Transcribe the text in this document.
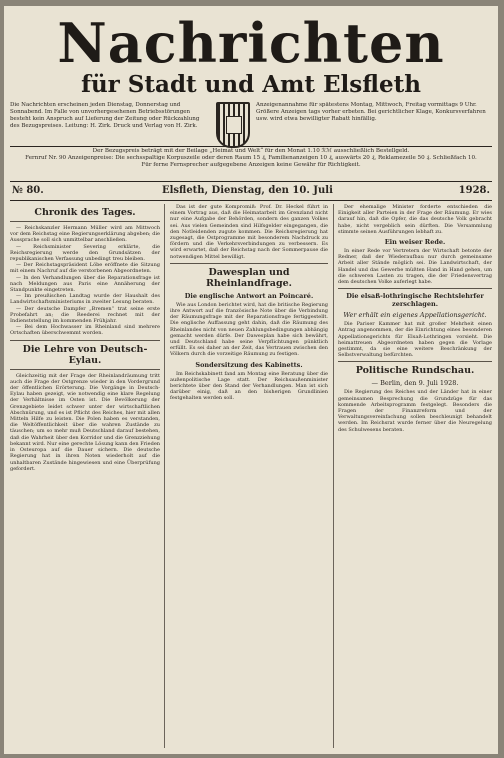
Nachrichten
für Stadt und Amt Elsfleth
Die Nachrichten erscheinen jeden Dienstag, Donnerstag und Sonnabend. Im Falle von unvorhergesehenen Betriebsstörungen besteht kein Anspruch auf Lieferung der Zeitung oder Rückzahlung des Bezugspreises. Leitung: H. Zirk. Druck und Verlag von H. Zirk.
Anzeigenannahme für spätestens Montag, Mittwoch, Freitag vormittags 9 Uhr. Größere Anzeigen tags vorher erbeten. Bei gerichtlicher Klage, Konkursverfahren usw. wird etwa bewilligter Rabatt hinfällig.
Der Bezugspreis beträgt mit der Beilage „Heimat und Welt“ für den Monat 1.10 ℛℳ ausschließlich Bestellgeld.
Fernruf Nr. 90 Anzeigenpreise: Die sechsspaltige Korpuszeile oder deren Raum 15 ₰, Familienanzeigen 10 ₰, auswärts 20 ₰, Reklamezeile 50 ₰. Schließfach 10.
Für ferne Fernsprecher aufgegebene Anzeigen keine Gewähr für Richtigkeit.
№ 80.	Elsfleth, Dienstag, den 10. Juli	1928.
Chronik des Tages.

— Reichskanzler Hermann Müller wird am Mittwoch vor dem Reichstag eine Regierungserklärung abgeben; die Aussprache soll sich unmittelbar anschließen.

— Reichsminister Severing erklärte, die Reichsregierung werde den Grundsätzen der republikanischen Verfassung unbedingt treu bleiben.

— Der Reichstagspräsident Löbe eröffnete die Sitzung mit einem Nachruf auf die verstorbenen Abgeordneten.

— In den Verhandlungen über die Reparationsfrage ist nach Meldungen aus Paris eine Annäherung der Standpunkte eingetreten.

— Im preußischen Landtag wurde der Haushalt des Landwirtschaftsministeriums in zweiter Lesung beraten.

— Der deutsche Dampfer „Bremen“ trat seine erste Probefahrt an; die Reederei rechnet mit der Indienststellung im kommenden Frühjahr.

— Bei dem Hochwasser im Rheinland sind mehrere Ortschaften überschwemmt worden.

Die Lehre von Deutsch-Eylau.

Gleichzeitig mit der Frage der Rheinlandräumung tritt auch die Frage der Ostgrenze wieder in den Vordergrund der öffentlichen Erörterung. Die Vorgänge in Deutsch-Eylau haben gezeigt, wie notwendig eine klare Regelung der Verhältnisse im Osten ist. Die Bevölkerung der Grenzgebiete leidet schwer unter der wirtschaftlichen Abschnürung, und es ist Pflicht des Reiches, hier mit allen Mitteln Hilfe zu leisten. Die Polen haben es verstanden, die Weltöffentlichkeit über die wahren Zustände zu täuschen; um so mehr muß Deutschland darauf bestehen, daß die Wahrheit über den Korridor und die Grenzziehung bekannt wird. Nur eine gerechte Lösung kann den Frieden in Osteuropa auf die Dauer sichern. Die deutsche Regierung hat in ihren Noten wiederholt auf die unhaltbaren Zustände hingewiesen und eine Überprüfung gefordert.

Das ist der gute Kompromiß: Prof. Dr. Heckel führt in einem Vortrag aus, daß die Heimatarbeit im Grenzland nicht nur eine Aufgabe der Behörden, sondern des ganzen Volkes sei. Aus vielen Gemeinden sind Hilfsgelder eingegangen, die den Notleidenden zugute kommen. Die Reichsregierung hat zugesagt, die Ostprogramme mit besonderem Nachdruck zu fördern und die Verkehrsverbindungen zu verbessern. Es wird erwartet, daß der Reichstag nach der Sommerpause die notwendigen Mittel bewilligt.

Dawesplan und Rheinlandfrage.
Die englische Antwort an Poincaré.

Wie aus London berichtet wird, hat die britische Regierung ihre Antwort auf die französische Note über die Verbindung der Räumungsfrage mit der Reparationsfrage fertiggestellt. Die englische Auffassung geht dahin, daß die Räumung des Rheinlandes nicht von neuen Zahlungsbedingungen abhängig gemacht werden dürfe. Der Dawesplan habe sich bewährt, und Deutschland habe seine Verpflichtungen pünktlich erfüllt. Es sei daher an der Zeit, das Vertrauen zwischen den Völkern durch die vorzeitige Räumung zu festigen.

Sondersitzung des Kabinetts.

Im Reichskabinett fand am Montag eine Beratung über die außenpolitische Lage statt. Der Reichsaußenminister berichtete über den Stand der Verhandlungen. Man ist sich darüber einig, daß an den bisherigen Grundlinien festgehalten werden soll.

Der ehemalige Minister forderte entschieden die Einigkeit aller Parteien in der Frage der Räumung. Er wies darauf hin, daß die Opfer, die das deutsche Volk gebracht habe, nicht vergeblich sein dürften. Die Versammlung stimmte seinen Ausführungen lebhaft zu.

Ein weiser Rede.

In einer Rede vor Vertretern der Wirtschaft betonte der Redner, daß der Wiederaufbau nur durch gemeinsame Arbeit aller Stände möglich sei. Die Landwirtschaft, der Handel und das Gewerbe müßten Hand in Hand gehen, um die schweren Lasten zu tragen, die der Friedensvertrag dem deutschen Volke auferlegt habe.

Die elsaß-lothringische Rechtslehrfer zerschlagen.
Wer erhält ein eigenes Appellationsgericht.

Die Pariser Kammer hat mit großer Mehrheit einen Antrag angenommen, der die Einrichtung eines besonderen Appellationsgerichts für Elsaß-Lothringen vorsieht. Die heimattreuen Abgeordneten haben gegen die Vorlage gestimmt, da sie eine weitere Beschränkung der Selbstverwaltung befürchten.

Politische Rundschau.
— Berlin, den 9. Juli 1928.

Die Regierung des Reiches und der Länder hat in einer gemeinsamen Besprechung die Grundzüge für das kommende Arbeitsprogramm festgelegt. Besonders die Fragen der Finanzreform und der Verwaltungsvereinfachung sollen beschleunigt behandelt werden. Im Reichsrat wurde ferner über die Neuregelung des Schulwesens beraten.
